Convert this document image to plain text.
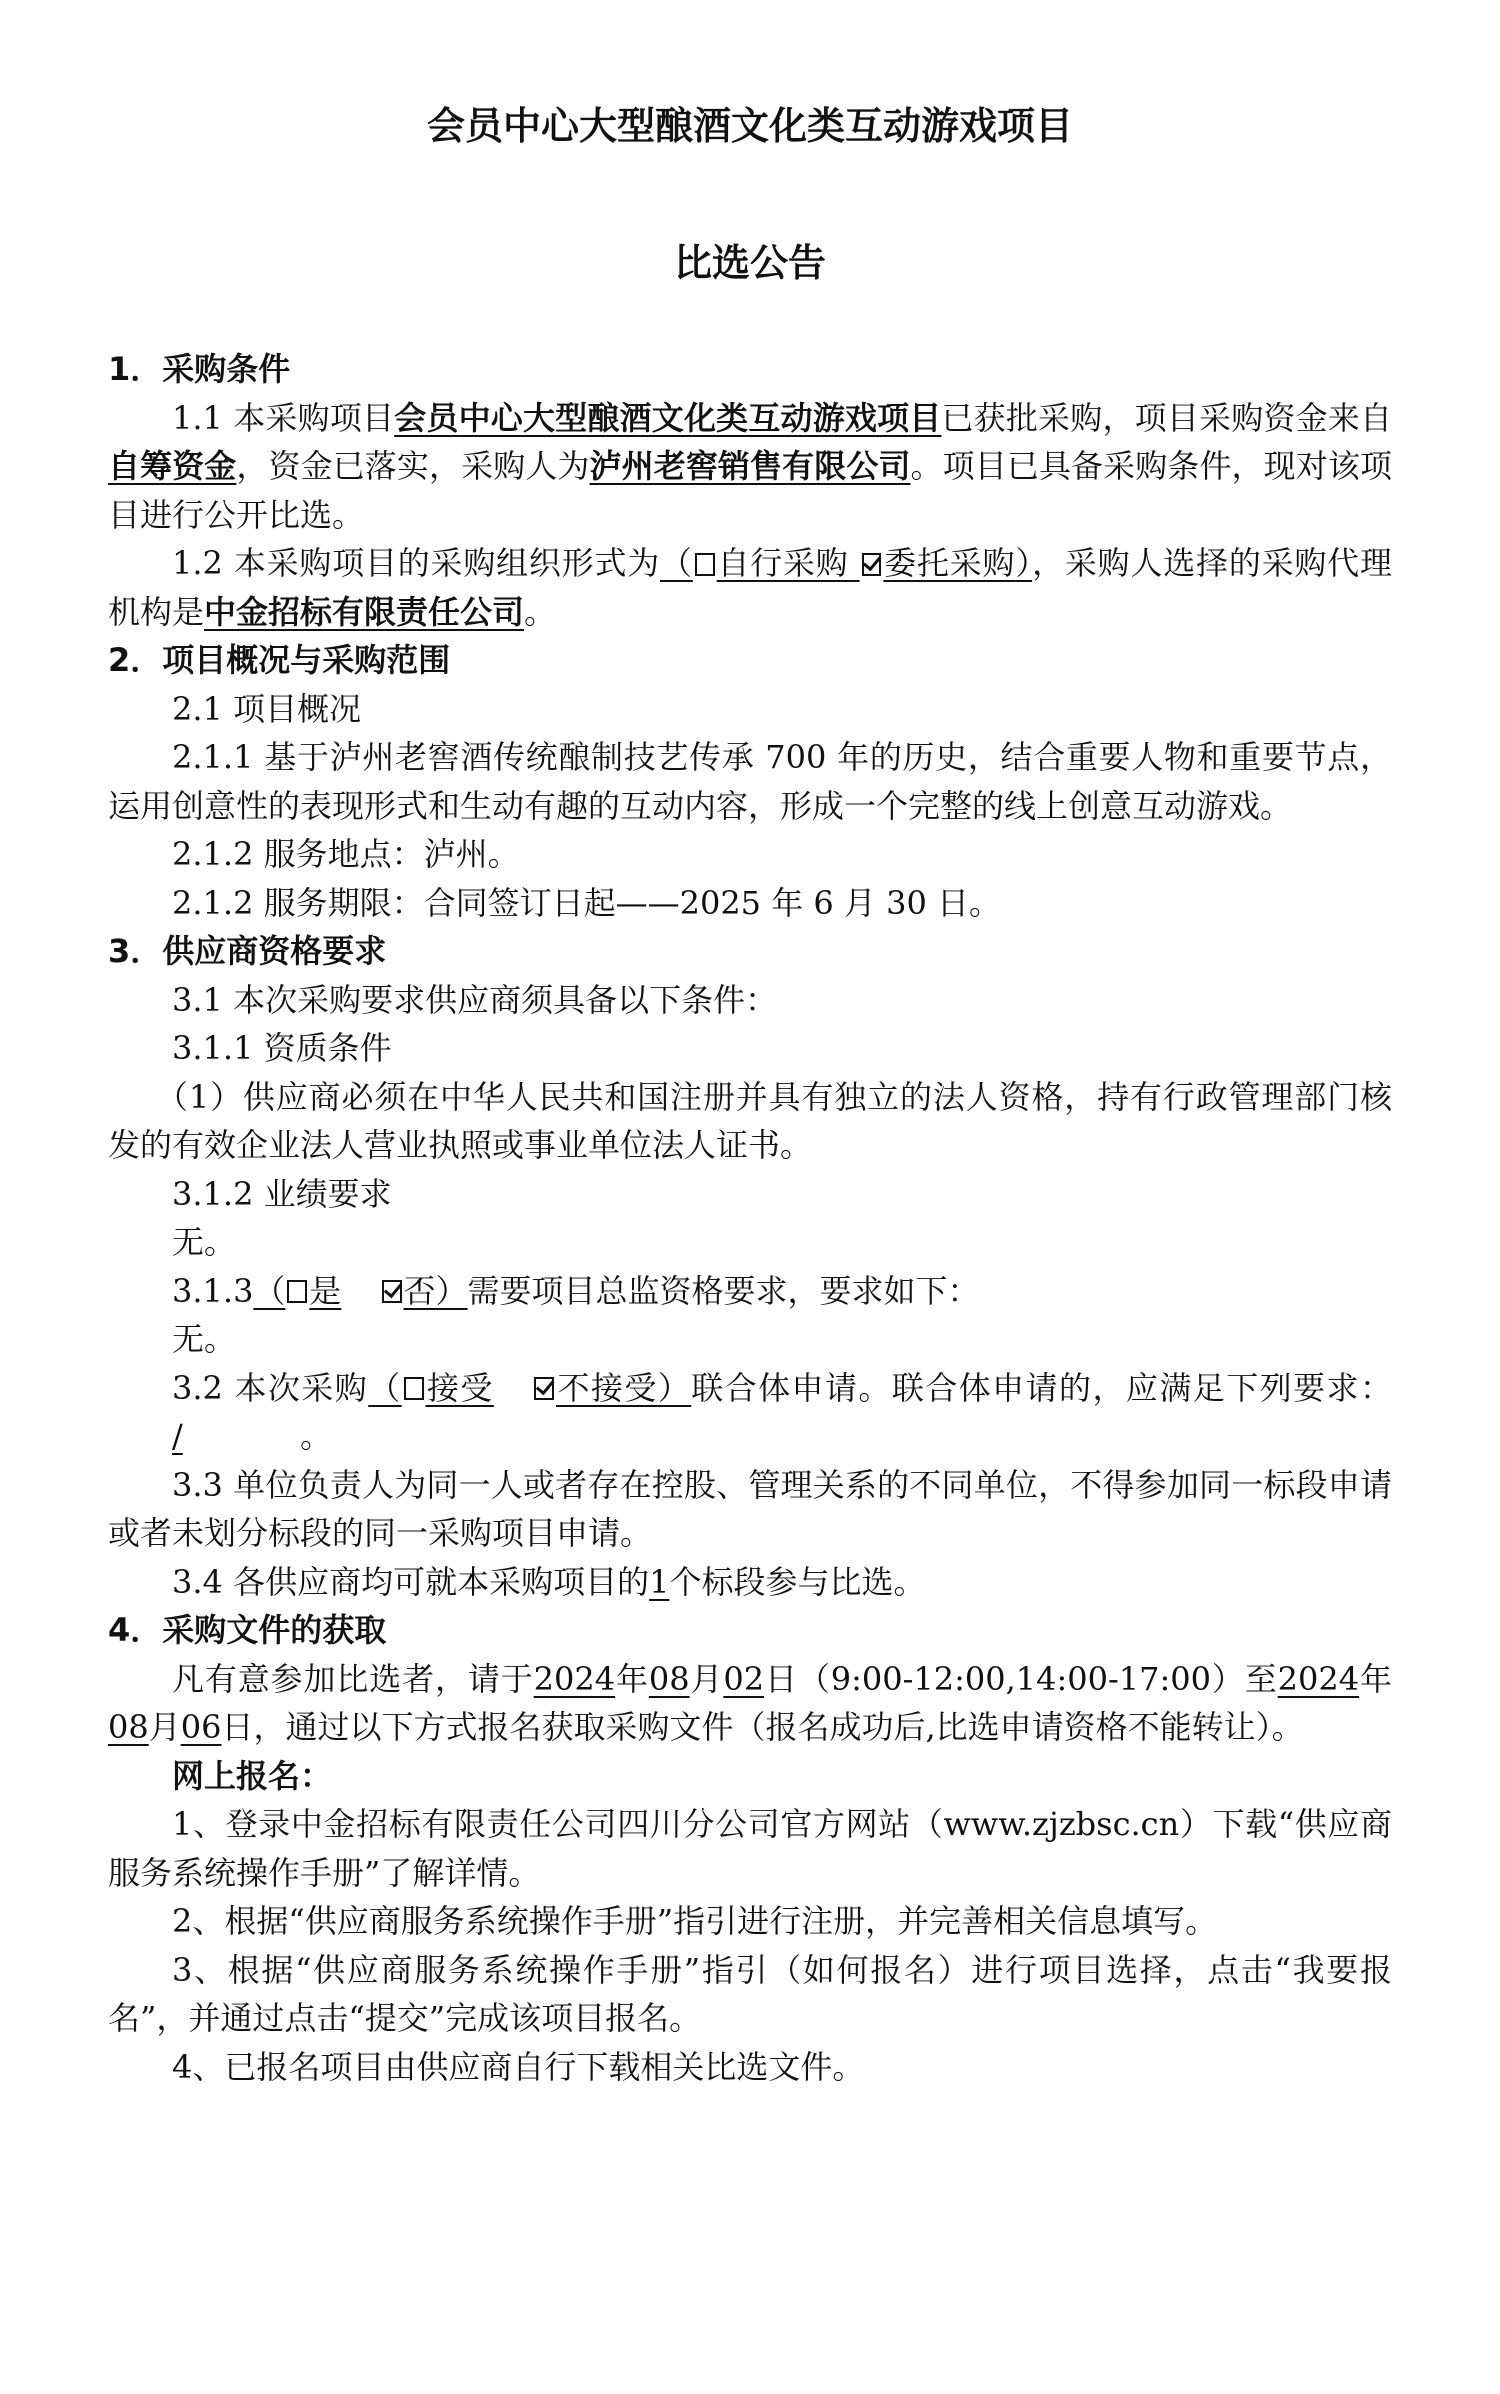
会员中心大型酿酒文化类互动游戏项目
比选公告

1．采购条件

1.1 本采购项目会员中心大型酿酒文化类互动游戏项目已获批采购，项目采购资金来自自筹资金，资金已落实，采购人为泸州老窖销售有限公司。项目已具备采购条件，现对该项目进行公开比选。

1.2 本采购项目的采购组织形式为（ 自行采购 委托采购），采购人选择的采购代理机构是中金招标有限责任公司。

2．项目概况与采购范围

2.1 项目概况

2.1.1 基于泸州老窖酒传统酿制技艺传承 700 年的历史，结合重要人物和重要节点，运用创意性的表现形式和生动有趣的互动内容，形成一个完整的线上创意互动游戏。

2.1.2 服务地点：泸州。

2.1.2 服务期限：合同签订日起——2025 年 6 月 30 日。

3．供应商资格要求

3.1 本次采购要求供应商须具备以下条件：

3.1.1 资质条件

（1）供应商必须在中华人民共和国注册并具有独立的法人资格，持有行政管理部门核发的有效企业法人营业执照或事业单位法人证书。

3.1.2 业绩要求

无。

3.1.3（ 是 否）需要项目总监资格要求，要求如下：

无。

3.2 本次采购（ 接受 不接受）联合体申请。联合体申请的，应满足下列要求：/	。

3.3 单位负责人为同一人或者存在控股、管理关系的不同单位，不得参加同一标段申请或者未划分标段的同一采购项目申请。

3.4 各供应商均可就本采购项目的1个标段参与比选。

4．采购文件的获取

凡有意参加比选者，请于2024年08月02日（9:00-12:00,14:00-17:00）至2024年08月06日，通过以下方式报名获取采购文件（报名成功后,比选申请资格不能转让）。

网上报名：

1、登录中金招标有限责任公司四川分公司官方网站（www.zjzbsc.cn）下载“供应商服务系统操作手册”了解详情。

2、根据“供应商服务系统操作手册”指引进行注册，并完善相关信息填写。

3、根据“供应商服务系统操作手册”指引（如何报名）进行项目选择，点击“我要报名”，并通过点击“提交”完成该项目报名。

4、已报名项目由供应商自行下载相关比选文件。
